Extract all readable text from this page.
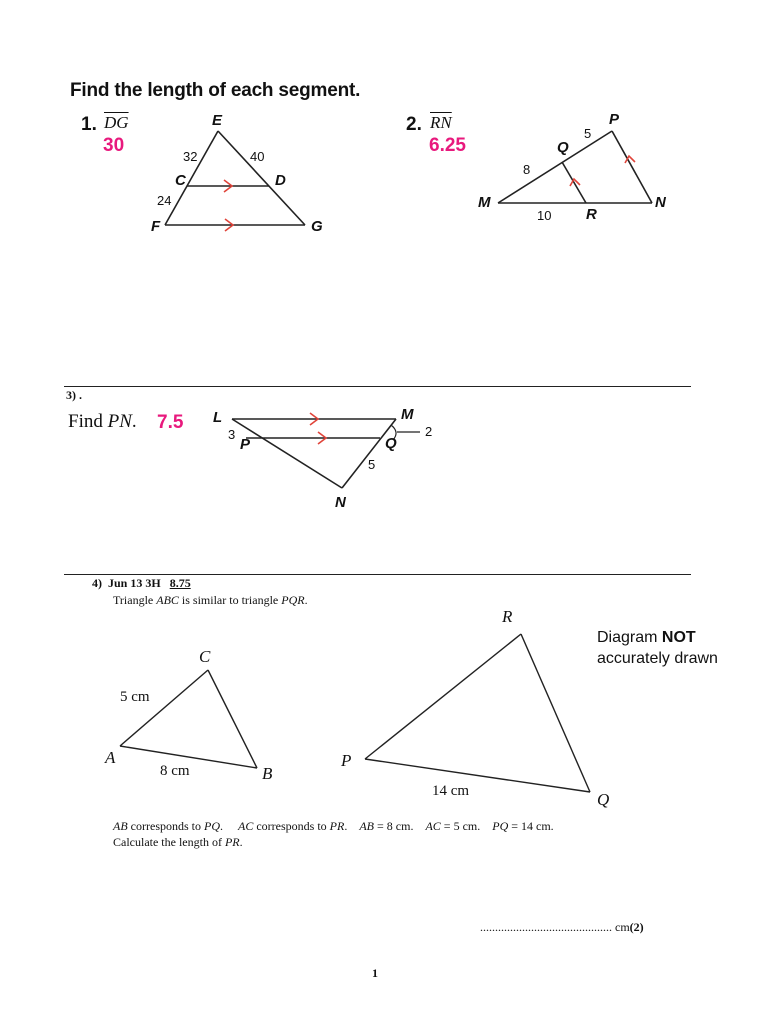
Find the length of each segment.
1. $\overline{DG}$
30
E
C	D
F	G
32	40
24
2. $\overline{RN}$
6.25
P
Q
M
R
N
5
8
10
3) .
Find PN. 7.5 L	M
P	Q
N
3	2
5
4) Jun 13 3H 8.75
Triangle ABC is similar to triangle PQR.
Diagram NOT
accurately drawn
C
A
B
5 cm
8 cm
R
P
Q
14 cm
AB corresponds to PQ. AC corresponds to PR. AB = 8 cm. AC = 5 cm. PQ = 14 cm.
Calculate the length of PR.
............................................ cm(2)
1
